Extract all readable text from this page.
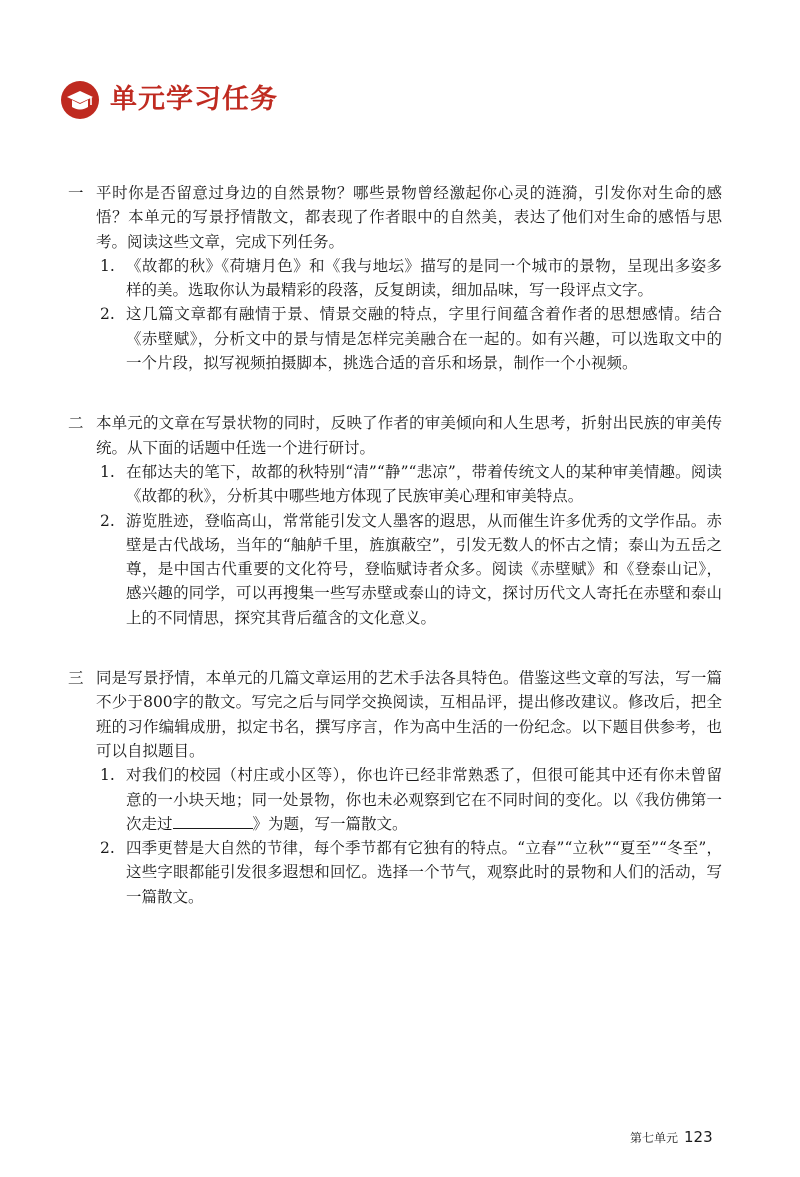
单元学习任务
一 平时你是否留意过身边的自然景物？哪些景物曾经激起你心灵的涟漪，引发你对生命的感悟？本单元的写景抒情散文，都表现了作者眼中的自然美，表达了他们对生命的感悟与思考。阅读这些文章，完成下列任务。

1. 《故都的秋》《荷塘月色》和《我与地坛》描写的是同一个城市的景物，呈现出多姿多样的美。选取你认为最精彩的段落，反复朗读，细加品味，写一段评点文字。

2. 这几篇文章都有融情于景、情景交融的特点，字里行间蕴含着作者的思想感情。结合《赤壁赋》，分析文中的景与情是怎样完美融合在一起的。如有兴趣，可以选取文中的一个片段，拟写视频拍摄脚本，挑选合适的音乐和场景，制作一个小视频。

二 本单元的文章在写景状物的同时，反映了作者的审美倾向和人生思考，折射出民族的审美传统。从下面的话题中任选一个进行研讨。

1. 在郁达夫的笔下，故都的秋特别“清”“静”“悲凉”，带着传统文人的某种审美情趣。阅读《故都的秋》，分析其中哪些地方体现了民族审美心理和审美特点。

2. 游览胜迹，登临高山，常常能引发文人墨客的遐思，从而催生许多优秀的文学作品。赤壁是古代战场，当年的“舳舻千里，旌旗蔽空”，引发无数人的怀古之情；泰山为五岳之尊，是中国古代重要的文化符号，登临赋诗者众多。阅读《赤壁赋》和《登泰山记》，感兴趣的同学，可以再搜集一些写赤壁或泰山的诗文，探讨历代文人寄托在赤壁和泰山上的不同情思，探究其背后蕴含的文化意义。

三 同是写景抒情，本单元的几篇文章运用的艺术手法各具特色。借鉴这些文章的写法，写一篇不少于800字的散文。写完之后与同学交换阅读，互相品评，提出修改建议。修改后，把全班的习作编辑成册，拟定书名，撰写序言，作为高中生活的一份纪念。以下题目供参考，也可以自拟题目。

1. 对我们的校园（村庄或小区等），你也许已经非常熟悉了，但很可能其中还有你未曾留意的一小块天地；同一处景物，你也未必观察到它在不同时间的变化。以《我仿佛第一次走过	》为题，写一篇散文。

2. 四季更替是大自然的节律，每个季节都有它独有的特点。“立春”“立秋”“夏至”“冬至”，这些字眼都能引发很多遐想和回忆。选择一个节气，观察此时的景物和人们的活动，写一篇散文。

第七单元 123
